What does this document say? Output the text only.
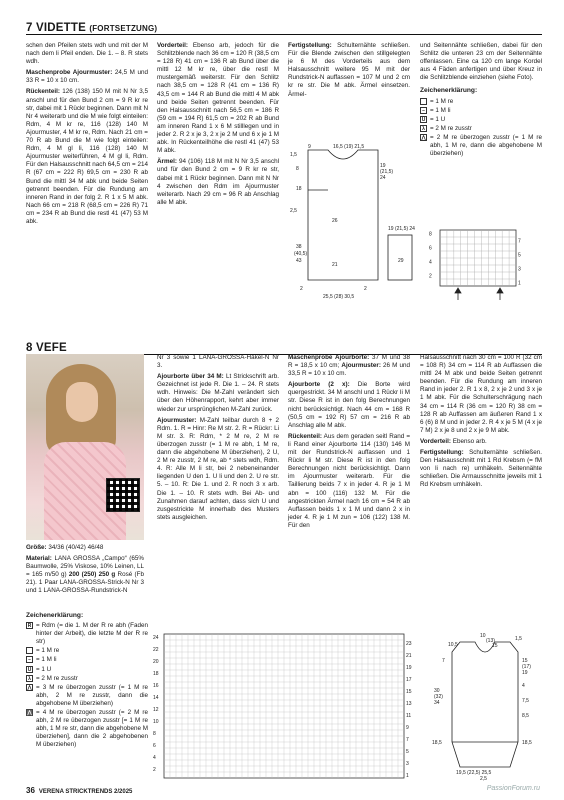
7 VIDETTE (FORTSETZUNG)

schen den Pfeilen stets wdh und mit der M nach dem li Pfeil enden. Die 1. – 8. R stets wdh.

Maschenprobe Ajourmuster: 24,5 M und 33 R = 10 x 10 cm.

Rückenteil: 126 (138) 150 M mit N Nr 3,5 anschl und für den Bund 2 cm = 9 R kr re str, dabei mit 1 Rückr beginnen. Dann mit N Nr 4 weiterarb und die M wie folgt einteilen: Rdm, 4 M kr re, 116 (128) 140 M Ajourmuster, 4 M kr re, Rdm. Nach 21 cm = 70 R ab Bund die M wie folgt einteilen: Rdm, 4 M gl li, 116 (128) 140 M Ajourmuster weiterführen, 4 M gl li, Rdm. Für den Halsausschnitt nach 64,5 cm = 214 R (67 cm = 222 R) 69,5 cm = 230 R ab Bund die mittl 34 M abk und beide Seiten getrennt beenden. Für die Rundung am inneren Rand in der folg 2. R 1 x 5 M abk. Nach 66 cm = 218 R (68,5 cm = 226 R) 71 cm = 234 R ab Bund die restl 41 (47) 53 M abk.

Vorderteil: Ebenso arb, jedoch für die Schlitzblende nach 36 cm = 120 R (38,5 cm = 128 R) 41 cm = 136 R ab Bund über die mittl 12 M kr re, über die restl M mustergemäß weiterstr. Für den Schlitz nach 38,5 cm = 128 R (41 cm = 136 R) 43,5 cm = 144 R ab Bund die mittl 4 M abk und beide Seiten getrennt beenden. Für den Halsausschnitt nach 56,5 cm = 186 R (59 cm = 194 R) 61,5 cm = 202 R ab Bund am inneren Rand 1 x 6 M stilllegen und in jeder 2. R 2 x je 3, 2 x je 2 M und 6 x je 1 M abk. In Rückenteilhöhe die restl 41 (47) 53 M abk.

Ärmel: 94 (106) 118 M mit N Nr 3,5 anschl und für den Bund 2 cm = 9 R kr re str, dabei mit 1 Rückr beginnen. Dann mit N Nr 4 zwischen den Rdm im Ajourmuster weiterarb. Nach 29 cm = 96 R ab Anschlag alle M abk.

Fertigstellung: Schulternähte schließen. Für die Blende zwischen den stillgelegten je 6 M des Vorderteils aus dem Halsausschnitt weitere 95 M mit der Rundstrick-N auffassen = 107 M und 2 cm kr re str. Die M abk. Ärmel einsetzen. Ärmel-

9	16,5 (19) 21,5
1,5
19
(21,5)
24
8
18
2,5
26
38
(40,5)
43
21
2
25,5 (28) 30,5
2
29
19 (21,5) 24

und Seitennähte schließen, dabei für den Schlitz die unteren 23 cm der Seitennähte offenlassen. Eine ca 120 cm lange Kordel aus 4 Fäden anfertigen und über Kreuz in die Schlitzblende einziehen (siehe Foto).

Zeichenerklärung:
= 1 M re
– = 1 M li
U = 1 U
λ = 2 M re zusstr
⋀ = 2 M re überzogen zusstr (= 1 M re abh, 1 M re, dann die abgehobene M überziehen)
8
7
6
5
4
3
2
1
8 VEFE

Größe: 34/36 (40/42) 46/48

Material: LANA GROSSA „Campo“ (65% Baumwolle, 25% Viskose, 10% Leinen, LL = 165 m/50 g) 200 (250) 250 g Rosé (Fb 21). 1 Paar LANA-GROSSA-Strick-N Nr 3 und 1 LANA-GROSSA-Rundstrick-N

Nr 3 sowie 1 LANA-GROSSA-Häkel-N Nr 3.

Ajourborte über 34 M: Lt Strickschrift arb. Gezeichnet ist jede R. Die 1. – 24. R stets wdh. Hinweis: Die M-Zahl verändert sich über den Höhenrapport, kehrt aber immer wieder zur ursprünglichen M-Zahl zurück.

Ajourmuster: M-Zahl teilbar durch 8 + 2 Rdm. 1. R = Hinr: Re M str. 2. R = Rückr: Li M str. 3. R: Rdm, * 2 M re, 2 M re überzogen zusstr (= 1 M re abh, 1 M re, dann die abgehobene M überziehen), 2 U, 2 M re zusstr, 2 M re, ab * stets wdh, Rdm. 4. R: Alle M li str, bei 2 nebeneinander liegenden U den 1. U li und den 2. U re str. 5. – 10. R: Die 1. und 2. R noch 3 x arb. Die 1. – 10. R stets wdh. Bei Ab- und Zunahmen darauf achten, dass sich U und zusgestrickte M innerhalb des Musters stets ausgleichen.

Maschenprobe Ajourborte: 37 M und 38 R = 18,5 x 10 cm; Ajourmuster: 26 M und 33,5 R = 10 x 10 cm.

Ajourborte (2 x): Die Borte wird quergestrickt. 34 M anschl und 1 Rückr li M str. Diese R ist in den folg Berechnungen nicht berücksichtigt. Nach 44 cm = 168 R (50,5 cm = 192 R) 57 cm = 216 R ab Anschlag alle M abk.

Rückenteil: Aus dem geraden seitl Rand = li Rand einer Ajourborte 114 (130) 146 M mit der Rundstrick-N auffassen und 1 Rückr li M str. Diese R ist in den folg Berechnungen nicht berücksichtigt. Dann im Ajourmuster weiterarb. Für die Taillierung beids 7 x in jeder 4. R je 1 M abn = 100 (116) 132 M. Für die angestrickten Ärmel nach 16 cm = 54 R ab Auffassen beids 1 x 1 M und dann 2 x in jeder 4. R je 1 M zun = 106 (122) 138 M. Für den

Halsausschnitt nach 30 cm = 100 R (32 cm = 108 R) 34 cm = 114 R ab Auffassen die mittl 24 M abk und beide Seiten getrennt beenden. Für die Rundung am inneren Rand in jeder 2. R 1 x 8, 2 x je 2 und 3 x je 1 M abk. Für die Schulterschrägung nach 34 cm = 114 R (36 cm = 120 R) 38 cm = 128 R ab Auffassen am äußeren Rand 1 x 6 (6) 8 M und in jeder 2. R 4 x je 5 M (4 x je 7 M) 2 x je 8 und 2 x je 9 M abk.

Vorderteil: Ebenso arb.

Fertigstellung: Schulternähte schließen. Den Halsausschnitt mit 1 Rd Krebsm (= fM von li nach re) umhäkeln. Seitennähte schließen. Die Armausschnitte jeweils mit 1 Rd Krebsm umhäkeln.

Zeichenerklärung:
R = Rdm (= die 1. M der R re abh (Faden hinter der Arbeit), die letzte M der R re str)
= 1 M re
– = 1 M li
U = 1 U
λ = 2 M re zusstr
⋀ = 3 M re überzogen zusstr (= 1 M re abh, 2 M re zusstr, dann die abgehobene M überziehen)
⋀ = 4 M re überzogen zusstr (= 2 M re abh, 2 M re überzogen zusstr [= 1 M re abh, 1 M re str, dann die abgehobene M überziehen], dann die 2 abgehobenen M überziehen)
24
23
22
21
20
19
18
17
16
15
14
13
12
11
10
9
8
7
6
5
4
3
2
1
10,5
10
(13)
15
1,5
7
30
(32)
34
18,5
15
(17)
19
4
7,5
8,5
18,5
19,5 (22,5) 25,5
2,5
36 VERENA STRICKTRENDS 2/2025	PassionForum.ru
